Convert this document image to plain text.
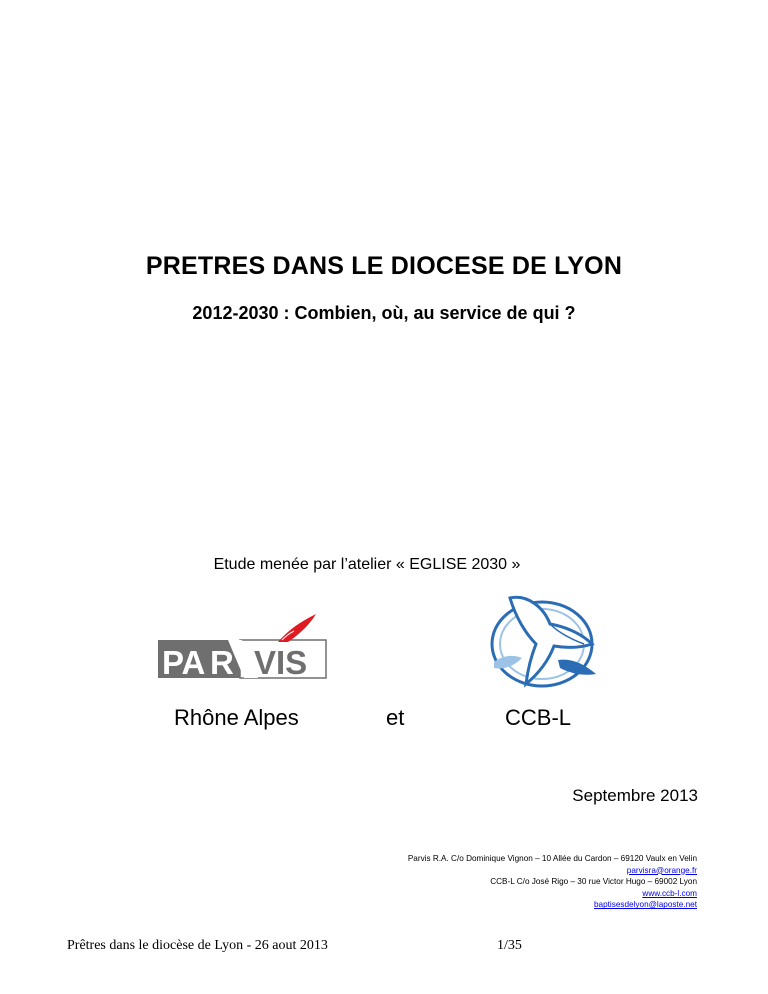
PRETRES DANS LE DIOCESE DE LYON
2012-2030 : Combien, où, au service de qui ?
Etude menée par l’atelier « EGLISE 2030 »
PA R VIS
Rhône Alpes	et	CCB-L
Septembre 2013
Parvis R.A. C/o Dominique Vignon – 10 Allée du Cardon – 69120 Vaulx en Velin
parvisra@orange.fr
CCB-L C/o José Rigo – 30 rue Victor Hugo – 69002 Lyon
www.ccb-l.com
baptisesdelyon@laposte.net
Prêtres dans le diocèse de Lyon - 26 aout 2013	1/35
